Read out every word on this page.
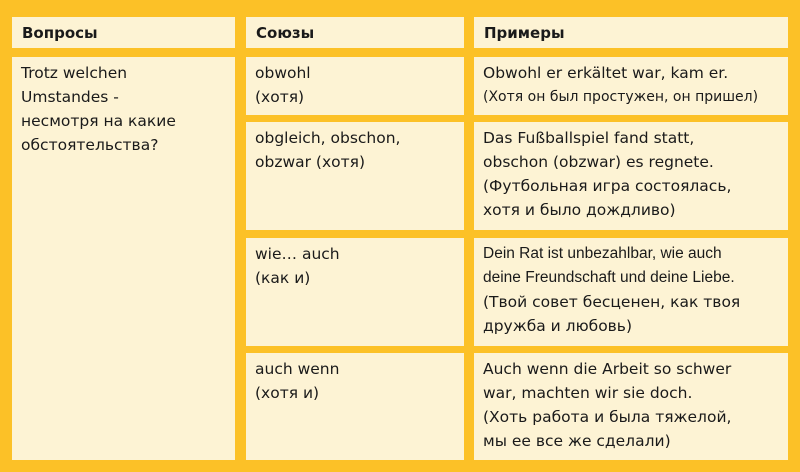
Вопросы	Союзы	Примеры
Trotz welchen
Umstandes -
несмотря на какие
обстоятельства?
obwohl
(хотя)
Obwohl er erkältet war, kam er.
(Хотя он был простужен, он пришел)
obgleich, obschon,
obzwar (хотя)
Das Fußballspiel fand statt,
obschon (obzwar) es regnete.
(Футбольная игра состоялась,
хотя и было дождливо)
wie… auch
(как и)
Dein Rat ist unbezahlbar, wie auch
deine Freundschaft und deine Liebe.
(Твой совет бесценен, как твоя
дружба и любовь)
auch wenn
(хотя и)
Auch wenn die Arbeit so schwer
war, machten wir sie doch.
(Хоть работа и была тяжелой,
мы ее все же сделали)
